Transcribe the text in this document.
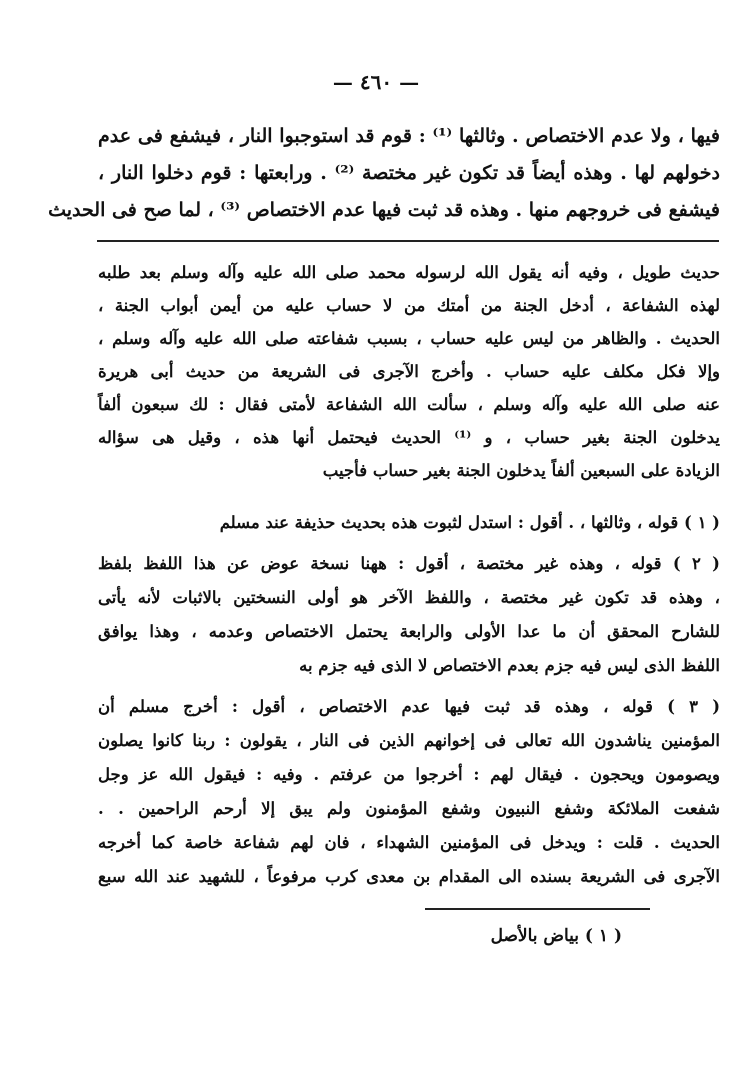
— ٤٦٠ —
فيها ، ولا عدم الاختصاص . وثالثها ⁽¹⁾ : قوم قد استوجبوا النار ، فيشفع فى عدم
دخولهم لها . وهذه أيضاً قد تكون غير مختصة ⁽²⁾ . ورابعتها : قوم دخلوا النار ،
فيشفع فى خروجهم منها . وهذه قد ثبت فيها عدم الاختصاص ⁽³⁾ ، لما صح فى الحديث
حديث طويل ، وفيه أنه يقول الله لرسوله محمد صلى الله عليه وآله وسلم بعد طلبه
لهذه الشفاعة ، أدخل الجنة من أمتك من لا حساب عليه من أيمن أبواب الجنة ،
الحديث . والظاهر من ليس عليه حساب ، بسبب شفاعته صلى الله عليه وآله وسلم ،
وإلا فكل مكلف عليه حساب . وأخرج الآجرى فى الشريعة من حديث أبى هريرة
عنه صلى الله عليه وآله وسلم ، سألت الله الشفاعة لأمتى فقال : لك سبعون ألفاً
يدخلون الجنة بغير حساب ، و ⁽¹⁾ الحديث فيحتمل أنها هذه ، وقيل هى سؤاله
الزيادة على السبعين ألفاً يدخلون الجنة بغير حساب فأجيب
( ١ ) قوله ، وثالثها ، . أقول : استدل لثبوت هذه بحديث حذيفة عند مسلم
( ٢ ) قوله ، وهذه غير مختصة ، أقول : ههنا نسخة عوض عن هذا اللفظ بلفظ
، وهذه قد تكون غير مختصة ، واللفظ الآخر هو أولى النسختين بالاثبات لأنه يأتى
للشارح المحقق أن ما عدا الأولى والرابعة يحتمل الاختصاص وعدمه ، وهذا يوافق
اللفظ الذى ليس فيه جزم بعدم الاختصاص لا الذى فيه جزم به
( ٣ ) قوله ، وهذه قد ثبت فيها عدم الاختصاص ، أقول : أخرج مسلم أن
المؤمنين يناشدون الله تعالى فى إخوانهم الذين فى النار ، يقولون : ربنا كانوا يصلون
ويصومون ويحجون . فيقال لهم : أخرجوا من عرفتم . وفيه : فيقول الله عز وجل
شفعت الملائكة وشفع النبيون وشفع المؤمنون ولم يبق إلا أرحم الراحمين . .
الحديث . قلت : ويدخل فى المؤمنين الشهداء ، فان لهم شفاعة خاصة كما أخرجه
الآجرى فى الشريعة بسنده الى المقدام بن معدى كرب مرفوعاً ، للشهيد عند الله سبع
( ١ ) بياض بالأصل
